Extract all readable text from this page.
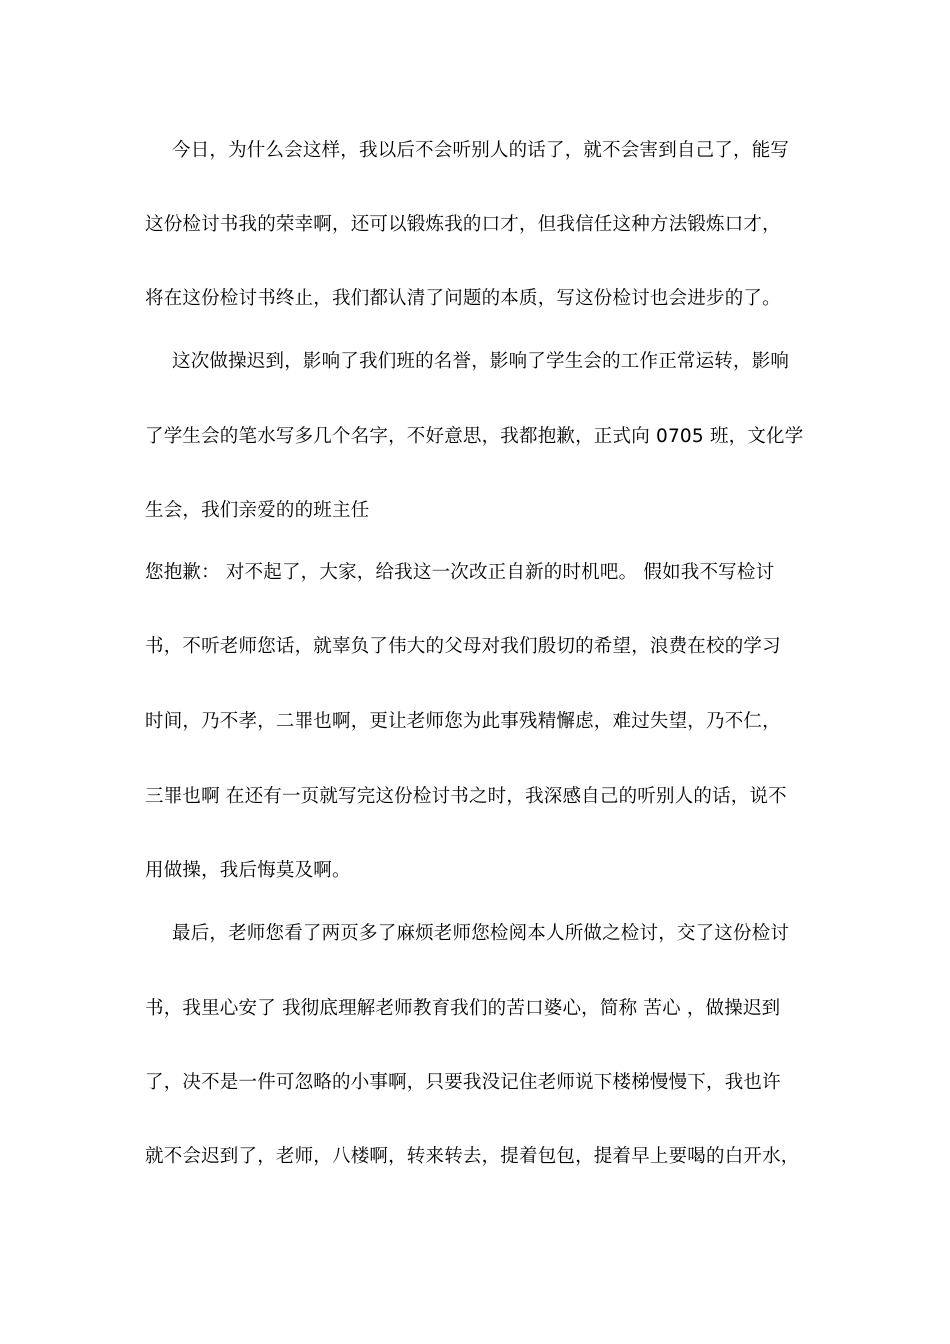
今日，为什么会这样，我以后不会听别人的话了，就不会害到自己了，能写
这份检讨书我的荣幸啊，还可以锻炼我的口才，但我信任这种方法锻炼口才，
将在这份检讨书终止，我们都认清了问题的本质，写这份检讨也会进步的了。
这次做操迟到，影响了我们班的名誉，影响了学生会的工作正常运转，影响
了学生会的笔水写多几个名字，不好意思，我都抱歉，正式向 0705 班，文化学
生会，我们亲爱的的班主任
您抱歉： 对不起了，大家，给我这一次改正自新的时机吧。 假如我不写检讨
书，不听老师您话，就辜负了伟大的父母对我们殷切的希望，浪费在校的学习
时间，乃不孝，二罪也啊，更让老师您为此事残精懈虑，难过失望，乃不仁，
三罪也啊 在还有一页就写完这份检讨书之时，我深感自己的听别人的话，说不
用做操，我后悔莫及啊。
最后，老师您看了两页多了麻烦老师您检阅本人所做之检讨，交了这份检讨
书，我里心安了 我彻底理解老师教育我们的苦口婆心，简称 苦心 ，做操迟到
了，决不是一件可忽略的小事啊，只要我没记住老师说下楼梯慢慢下，我也许
就不会迟到了，老师，八楼啊，转来转去，提着包包，提着早上要喝的白开水，
